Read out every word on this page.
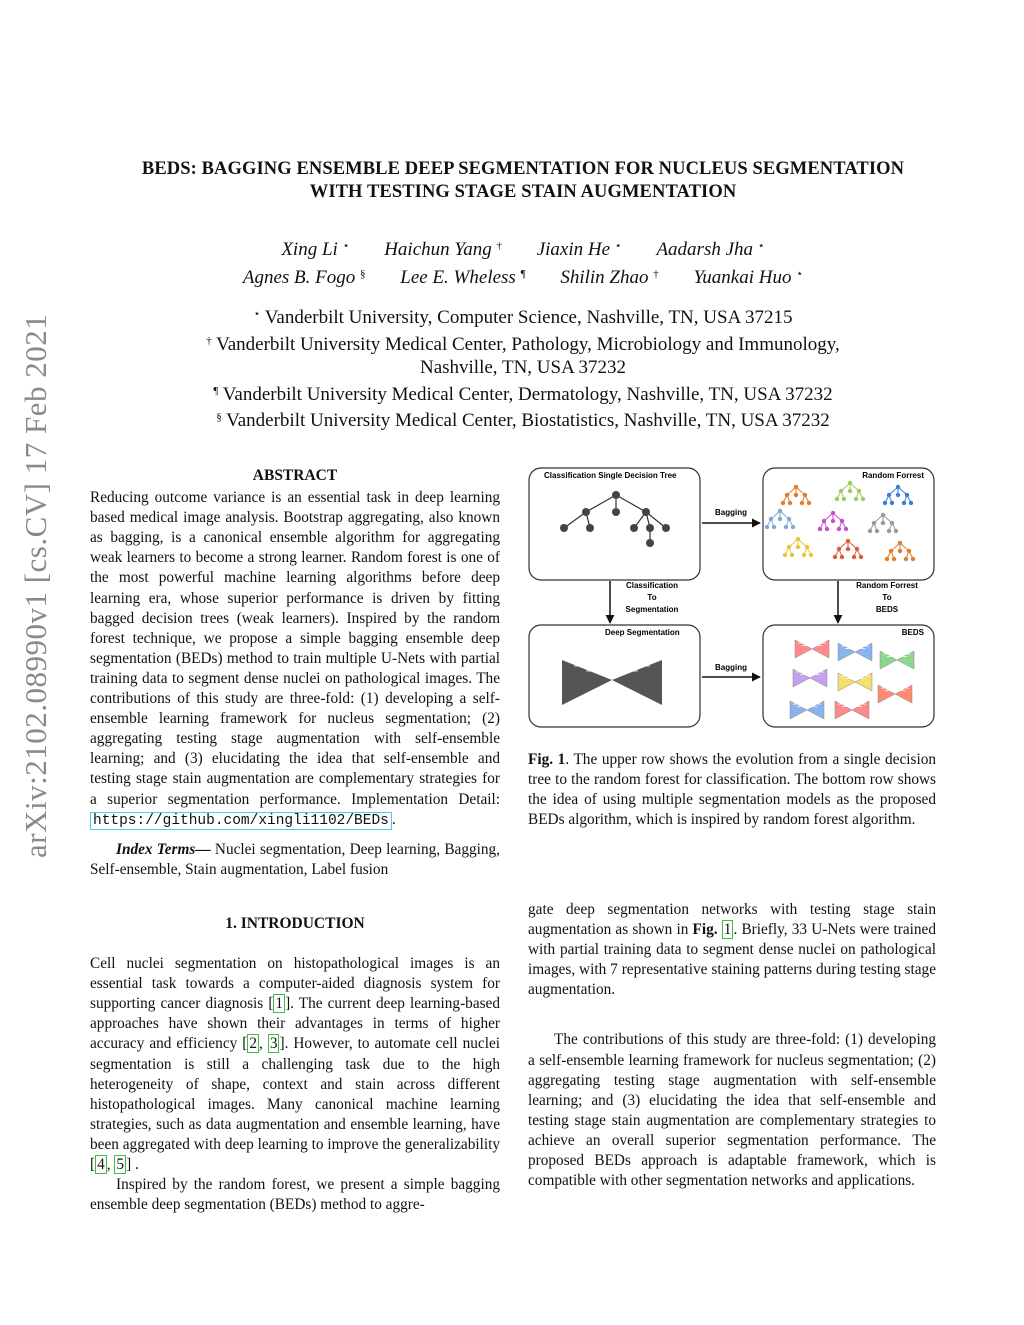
arXiv:2102.08990v1 [cs.CV] 17 Feb 2021
BEDS: BAGGING ENSEMBLE DEEP SEGMENTATION FOR NUCLEUS SEGMENTATION
WITH TESTING STAGE STAIN AUGMENTATION
Xing Li ⋆ Haichun Yang † Jiaxin He ⋆ Aadarsh Jha ⋆
Agnes B. Fogo § Lee E. Wheless ¶ Shilin Zhao † Yuankai Huo ⋆
⋆ Vanderbilt University, Computer Science, Nashville, TN, USA 37215
† Vanderbilt University Medical Center, Pathology, Microbiology and Immunology,
Nashville, TN, USA 37232
¶ Vanderbilt University Medical Center, Dermatology, Nashville, TN, USA 37232
§ Vanderbilt University Medical Center, Biostatistics, Nashville, TN, USA 37232
ABSTRACT
Reducing outcome variance is an essential task in deep learning based medical image analysis. Bootstrap aggregating, also known as bagging, is a canonical ensemble algorithm for aggregating weak learners to become a strong learner. Random forest is one of the most powerful machine learning algorithms before deep learning era, whose superior performance is driven by fitting bagged decision trees (weak learners). Inspired by the random forest technique, we propose a simple bagging ensemble deep segmentation (BEDs) method to train multiple U-Nets with partial training data to segment dense nuclei on pathological images. The contributions of this study are three-fold: (1) developing a self-ensemble learning framework for nucleus segmentation; (2) aggregating testing stage augmentation with self-ensemble learning; and (3) elucidating the idea that self-ensemble and testing stage stain augmentation are complementary strategies for a superior segmentation performance. Implementation Detail: https://github.com/xingli1102/BEDs .
Index Terms— Nuclei segmentation, Deep learning, Bagging, Self-ensemble, Stain augmentation, Label fusion
1. INTRODUCTION
Cell nuclei segmentation on histopathological images is an essential task towards a computer-aided diagnosis system for supporting cancer diagnosis [ 1 ]. The current deep learning-based approaches have shown their advantages in terms of higher accuracy and efficiency [ 2 , 3 ]. However, to automate cell nuclei segmentation is still a challenging task due to the high heterogeneity of shape, context and stain across different histopathological images. Many canonical machine learning strategies, such as data augmentation and ensemble learning, have been aggregated with deep learning to improve the generalizability [ 4 , 5 ] .
Inspired by the random forest, we present a simple bagging ensemble deep segmentation (BEDs) method to aggre-
Classification Single Decision Tree	Random Forrest
Deep Segmentation	BEDS
Bagging
Bagging
Classification
To
Segmentation
Random Forrest
To
BEDS
Fig. 1. The upper row shows the evolution from a single decision tree to the random forest for classification. The bottom row shows the idea of using multiple segmentation models as the proposed BEDs algorithm, which is inspired by random forest algorithm.
gate deep segmentation networks with testing stage stain augmentation as shown in Fig. 1 . Briefly, 33 U-Nets were trained with partial training data to segment dense nuclei on pathological images, with 7 representative staining patterns during testing stage augmentation.
The contributions of this study are three-fold: (1) developing a self-ensemble learning framework for nucleus segmentation; (2) aggregating testing stage augmentation with self-ensemble learning; and (3) elucidating the idea that self-ensemble and testing stage stain augmentation are complementary strategies to achieve an overall superior segmentation performance. The proposed BEDs approach is adaptable framework, which is compatible with other segmentation networks and applications.
